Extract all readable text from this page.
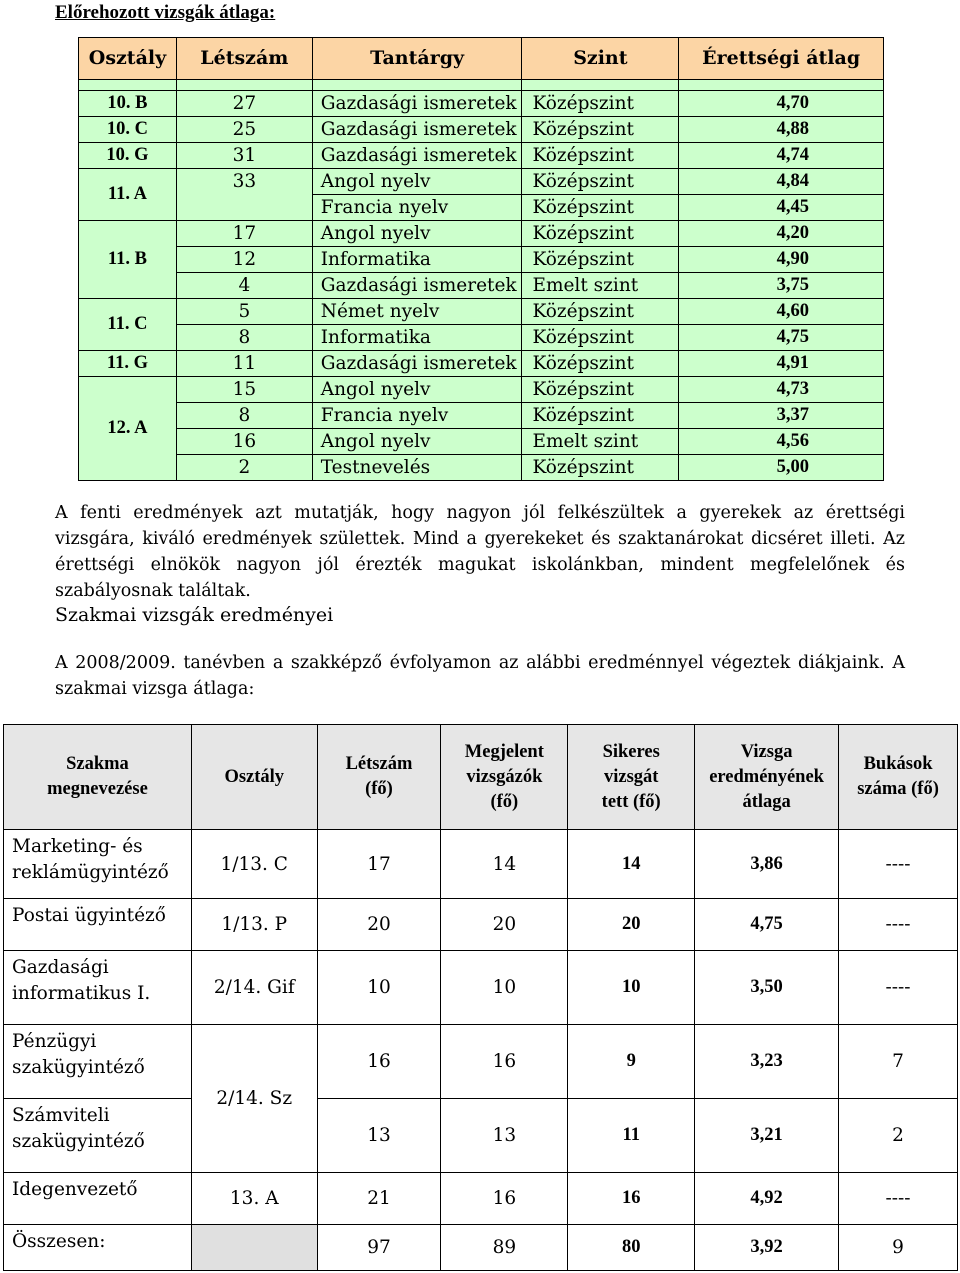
Előrehozott vizsgák átlaga:
Osztály	Létszám	Tantárgy	Szint	Érettségi átlag

10. B	27	Gazdasági ismeretek	Középszint	4,70
10. C	25	Gazdasági ismeretek	Középszint	4,88
10. G	31	Gazdasági ismeretek	Középszint	4,74
11. A	33	Angol nyelv	Középszint	4,84
		Francia nyelv	Középszint	4,45
11. B	17	Angol nyelv	Középszint	4,20
	12	Informatika	Középszint	4,90
	4	Gazdasági ismeretek	Emelt szint	3,75
11. C	5	Német nyelv	Középszint	4,60
	8	Informatika	Középszint	4,75
11. G	11	Gazdasági ismeretek	Középszint	4,91
12. A	15	Angol nyelv	Középszint	4,73
	8	Francia nyelv	Középszint	3,37
	16	Angol nyelv	Emelt szint	4,56
	2	Testnevelés	Középszint	5,00

A fenti eredmények azt mutatják, hogy nagyon jól felkészültek a gyerekek az érettségi vizsgára, kiváló eredmények születtek. Mind a gyerekeket és szaktanárokat dicséret illeti. Az érettségi elnökök nagyon jól érezték magukat iskolánkban, mindent megfelelőnek és szabályosnak találtak.

Szakmai vizsgák eredményei

A 2008/2009. tanévben a szakképző évfolyamon az alábbi eredménnyel végeztek diákjaink. A szakmai vizsga átlaga:

Szakma megnevezése	Osztály	Létszám (fő)	Megjelent vizsgázók (fő)	Sikeres vizsgát tett (fő)	Vizsga eredményének átlaga	Bukások száma (fő)
Marketing- és reklámügyintéző	1/13. C	17	14	14	3,86	----
Postai ügyintéző	1/13. P	20	20	20	4,75	----
Gazdasági informatikus I.	2/14. Gif	10	10	10	3,50	----
Pénzügyi szakügyintéző	2/14. Sz	16	16	9	3,23	7
Számviteli szakügyintéző		13	13	11	3,21	2
Idegenvezető	13. A	21	16	16	4,92	----
Összesen:		97	89	80	3,92	9
